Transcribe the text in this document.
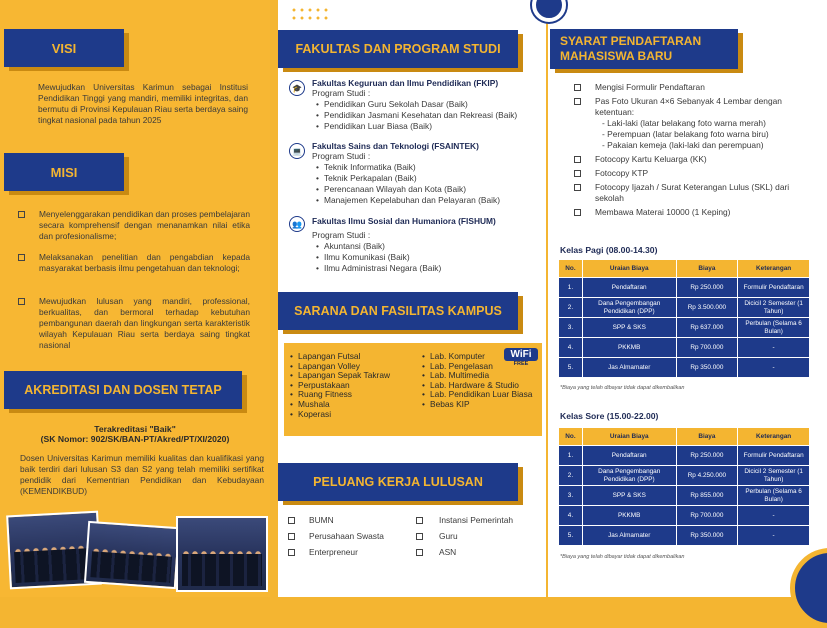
VISI

Mewujudkan Universitas Karimun sebagai Institusi Pendidikan Tinggi yang mandiri, memiliki integritas, dan bermutu di Provinsi Kepulauan Riau serta berdaya saing tingkat nasional pada tahun 2025

MISI
Menyelenggarakan pendidikan dan proses pembelajaran secara komprehensif dengan menanamkan nilai etika dan profesionalisme;
Melaksanakan penelitian dan pengabdian kepada masyarakat berbasis ilmu pengetahuan dan teknologi;
Mewujudkan lulusan yang mandiri, professional, berkualitas, dan bermoral terhadap kebutuhan pembangunan daerah dan lingkungan serta karakteristik wilayah Kepulauan Riau serta berdaya saing tingkat nasional
AKREDITASI DAN DOSEN TETAP
Terakreditasi "Baik"
(SK Nomor: 902/SK/BAN-PT/Akred/PT/XI/2020)

Dosen Universitas Karimun memiliki kualitas dan kualifikasi yang baik terdiri dari lulusan S3 dan S2 yang telah memiliki sertifikat pendidik dari Kementrian Pendidikan dan Kebudayaan (KEMENDIKBUD)

FAKULTAS DAN PROGRAM STUDI
🎓	Fakultas Keguruan dan Ilmu Pendidikan (FKIP)
Program Studi :
• Pendidikan Guru Sekolah Dasar (Baik)
• Pendidikan Jasmani Kesehatan dan Rekreasi (Baik)
• Pendidikan Luar Biasa (Baik)
💻	Fakultas Sains dan Teknologi (FSAINTEK)
Program Studi :
• Teknik Informatika (Baik)
• Teknik Perkapalan (Baik)
• Perencanaan Wilayah dan Kota (Baik)
• Manajemen Kepelabuhan dan Pelayaran (Baik)
👥	Fakultas Ilmu Sosial dan Humaniora (FISHUM)
Program Studi :
• Akuntansi (Baik)
• Ilmu Komunikasi (Baik)
• Ilmu Administrasi Negara (Baik)
SARANA DAN FASILITAS KAMPUS
• Lapangan Futsal
• Lapangan Volley
• Lapangan Sepak Takraw
• Perpustakaan
• Ruang Fitness
• Mushala
• Koperasi
• Lab. Komputer
• Lab. Pengelasan
• Lab. Multimedia
• Lab. Hardware & Studio
• Lab. Pendidikan Luar Biasa
• Bebas KIP
WiFi
FREE
PELUANG KERJA LULUSAN
BUMN
Perusahaan Swasta
Enterpreneur
Instansi Pemerintah
Guru
ASN
SYARAT PENDAFTARAN
MAHASISWA BARU
Mengisi Formulir Pendaftaran
Pas Foto Ukuran 4×6 Sebanyak 4 Lembar dengan ketentuan:
- Laki-laki (latar belakang foto warna merah)
- Perempuan (latar belakang foto warna biru)
- Pakaian kemeja (laki-laki dan perempuan)
Fotocopy Kartu Keluarga (KK)
Fotocopy KTP
Fotocopy Ijazah / Surat Keterangan Lulus (SKL) dari sekolah
Membawa Materai 10000 (1 Keping)
Kelas Pagi (08.00-14.30)
No.	Uraian Biaya	Biaya	Keterangan
1.	Pendaftaran	Rp 250.000	Formulir Pendaftaran
2.	Dana Pengembangan Pendidikan (DPP)	Rp 3.500.000	Dicicil 2 Semester (1 Tahun)
3.	SPP & SKS	Rp 637.000	Perbulan (Selama 6 Bulan)
4.	PKKMB	Rp 700.000	-
5.	Jas Almamater	Rp 350.000	-
*Biaya yang telah dibayar tidak dapat dikembalikan
Kelas Sore (15.00-22.00)
No.	Uraian Biaya	Biaya	Keterangan
1.	Pendaftaran	Rp 250.000	Formulir Pendaftaran
2.	Dana Pengembangan Pendidikan (DPP)	Rp 4.250.000	Dicicil 2 Semester (1 Tahun)
3.	SPP & SKS	Rp 855.000	Perbulan (Selama 6 Bulan)
4.	PKKMB	Rp 700.000	-
5.	Jas Almamater	Rp 350.000	-
*Biaya yang telah dibayar tidak dapat dikembalikan
